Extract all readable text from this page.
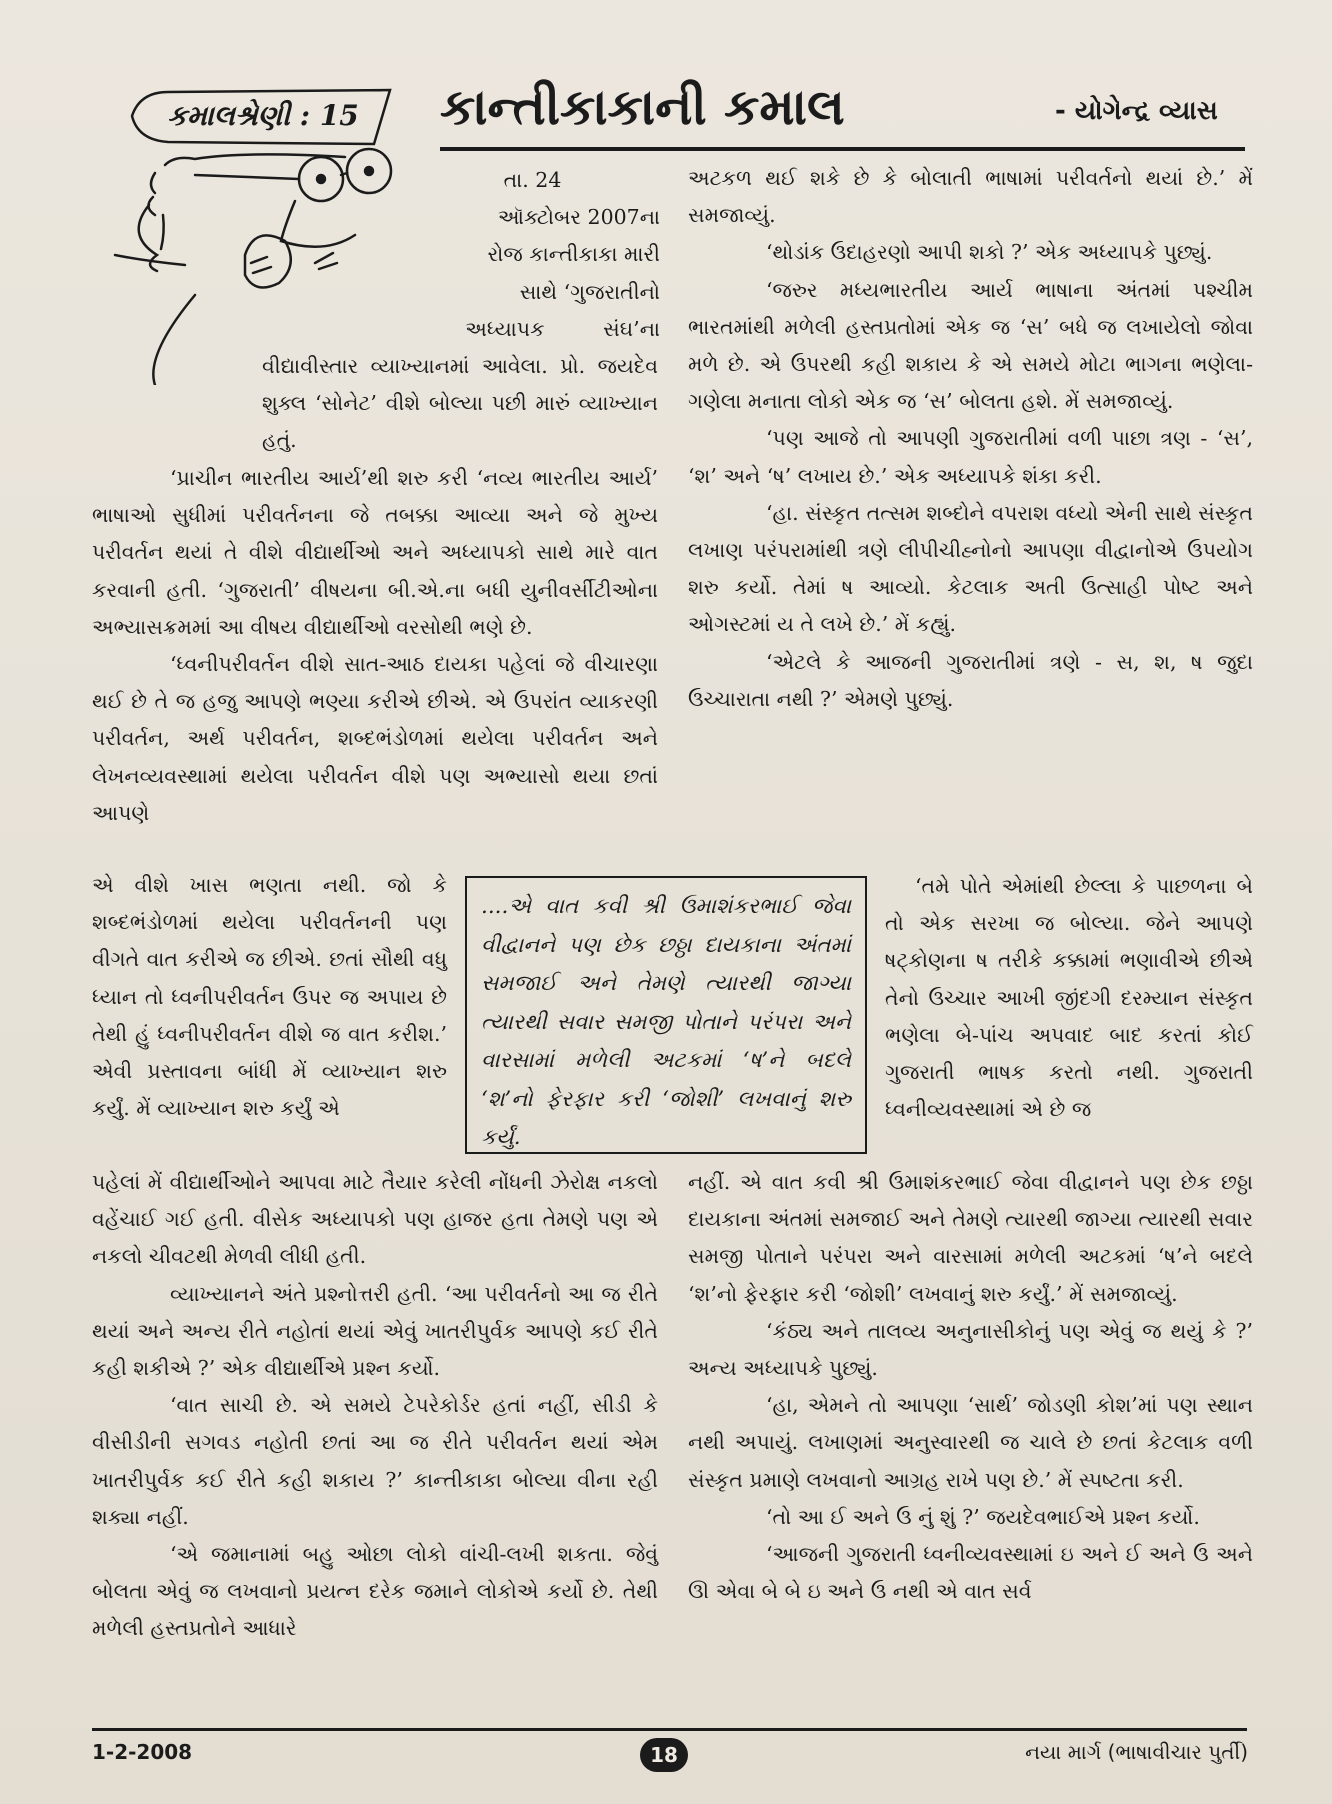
કમાલશ્રેણી : 15	કાન્તીકાકાની કમાલ	- યોગેન્દ્ર વ્યાસ

તા. 24

ઑક્ટોબર 2007ના

રોજ કાન્તીકાકા મારી

સાથે ‘ગુજરાતીનો

અધ્યાપક         સંઘ’ના

વીદ્યાવીસ્તાર વ્યાખ્યાનમાં આવેલા. પ્રો. જયદેવ શુક્લ ‘સોનેટ’ વીશે બોલ્યા પછી મારું વ્યાખ્યાન હતું.

‘પ્રાચીન ભારતીય આર્ય’થી શરુ કરી ‘નવ્ય ભારતીય આર્ય’ ભાષાઓ સુધીમાં પરીવર્તનના જે તબક્કા આવ્યા અને જે મુખ્ય પરીવર્તન થયાં તે વીશે વીદ્યાર્થીઓ અને અધ્યાપકો સાથે મારે વાત કરવાની હતી. ‘ગુજરાતી’ વીષયના બી.એ.ના બધી યુનીવર્સીટીઓના અભ્યાસક્રમમાં આ વીષય વીદ્યાર્થીઓ વરસોથી ભણે છે.

‘ધ્વનીપરીવર્તન વીશે સાત-આઠ દાયકા પહેલાં જે વીચારણા થઈ છે તે જ હજુ આપણે ભણ્યા કરીએ છીએ. એ ઉપરાંત વ્યાકરણી પરીવર્તન, અર્થ પરીવર્તન, શબ્દભંડોળમાં થયેલા પરીવર્તન અને લેખનવ્યવસ્થામાં થયેલા પરીવર્તન વીશે પણ અભ્યાસો થયા છતાં આપણે

એ વીશે ખાસ ભણતા નથી. જો કે શબ્દભંડોળમાં થયેલા પરીવર્તનની પણ વીગતે વાત કરીએ જ છીએ. છતાં સૌથી વધુ ધ્યાન તો ધ્વનીપરીવર્તન ઉપર જ અપાય છે તેથી હું ધ્વનીપરીવર્તન વીશે જ વાત કરીશ.’ એવી પ્રસ્તાવના બાંધી મેં વ્યાખ્યાન શરુ કર્યું. મેં વ્યાખ્યાન શરુ કર્યું એ

....એ વાત કવી શ્રી ઉમાશંકરભાઈ જેવા વીદ્વાનને પણ છેક છઠ્ઠા દાયકાના અંતમાં સમજાઈ અને તેમણે ત્યારથી જાગ્યા ત્યારથી સવાર સમજી પોતાને પરંપરા અને વારસામાં મળેલી અટકમાં ‘ષ’ને બદલે ‘શ’નો ફેરફાર કરી ‘જોશી’ લખવાનું શરુ કર્યું.

પહેલાં મેં વીદ્યાર્થીઓને આપવા માટે તૈયાર કરેલી નોંધની ઝેરોક્ષ નકલો વહેંચાઈ ગઈ હતી. વીસેક અધ્યાપકો પણ હાજર હતા તેમણે પણ એ નકલો ચીવટથી મેળવી લીધી હતી.

વ્યાખ્યાનને અંતે પ્રશ્નોત્તરી હતી. ‘આ પરીવર્તનો આ જ રીતે થયાં અને અન્ય રીતે નહોતાં થયાં એવું ખાતરીપુર્વક આપણે કઈ રીતે કહી શકીએ ?’ એક વીદ્યાર્થીએ પ્રશ્ન કર્યો.

‘વાત સાચી છે. એ સમયે ટેપરેકોર્ડર હતાં નહીં, સીડી કે વીસીડીની સગવડ નહોતી છતાં આ જ રીતે પરીવર્તન થયાં એમ ખાતરીપુર્વક કઈ રીતે કહી શકાય ?’ કાન્તીકાકા બોલ્યા વીના રહી શક્યા નહીં.

‘એ જમાનામાં બહુ ઓછા લોકો વાંચી-લખી શકતા. જેવું બોલતા એવું જ લખવાનો પ્રયત્ન દરેક જમાને લોકોએ કર્યો છે. તેથી મળેલી હસ્તપ્રતોને આધારે

અટકળ થઈ શકે છે કે બોલાતી ભાષામાં પરીવર્તનો થયાં છે.’ મેં સમજાવ્યું.

‘થોડાંક ઉદાહરણો આપી શકો ?’ એક અધ્યાપકે પુછ્યું.

‘જરુર મધ્યભારતીય આર્ય ભાષાના અંતમાં પશ્ચીમ ભારતમાંથી મળેલી હસ્તપ્રતોમાં એક જ ‘સ’ બધે જ લખાયેલો જોવા મળે છે. એ ઉપરથી કહી શકાય કે એ સમયે મોટા ભાગના ભણેલા-ગણેલા મનાતા લોકો એક જ ‘સ’ બોલતા હશે. મેં સમજાવ્યું.

‘પણ આજે તો આપણી ગુજરાતીમાં વળી પાછા ત્રણ - ‘સ’, ‘શ’ અને ‘ષ’ લખાય છે.’ એક અધ્યાપકે શંકા કરી.

‘હા. સંસ્કૃત તત્સમ શબ્દોને વપરાશ વધ્યો એની સાથે સંસ્કૃત લખાણ પરંપરામાંથી ત્રણે લીપીચીહ્નોનો આપણા વીદ્વાનોએ ઉપયોગ શરુ કર્યો. તેમાં ષ આવ્યો. કેટલાક અતી ઉત્સાહી પોષ્ટ અને ઓગસ્ટમાં ય તે લખે છે.’ મેં કહ્યું.

‘એટલે કે આજની ગુજરાતીમાં ત્રણે - સ, શ, ષ જુદા ઉચ્ચારાતા નથી ?’ એમણે પુછ્યું.

‘તમે પોતે એમાંથી છેલ્લા કે પાછળના બે તો એક સરખા જ બોલ્યા. જેને આપણે ષટ્કોણના ષ તરીકે કક્કામાં ભણાવીએ છીએ તેનો ઉચ્ચાર આખી જીંદગી દરમ્યાન સંસ્કૃત ભણેલા બે-પાંચ અપવાદ બાદ કરતાં કોઈ ગુજરાતી ભાષક કરતો નથી. ગુજરાતી ધ્વનીવ્યવસ્થામાં એ છે જ

નહીં. એ વાત કવી શ્રી ઉમાશંકરભાઈ જેવા વીદ્વાનને પણ છેક છઠ્ઠા દાયકાના અંતમાં સમજાઈ અને તેમણે ત્યારથી જાગ્યા ત્યારથી સવાર સમજી પોતાને પરંપરા અને વારસામાં મળેલી અટકમાં ‘ષ’ને બદલે ‘શ’નો ફેરફાર કરી ‘જોશી’ લખવાનું શરુ કર્યું.’ મેં સમજાવ્યું.

‘કંઠ્ય અને તાલવ્ય અનુનાસીકોનું પણ એવું જ થયું કે ?’ અન્ય અધ્યાપકે પુછ્યું.

‘હા, એમને તો આપણા ‘સાર્થ’ જોડણી કોશ’માં પણ સ્થાન નથી અપાયું. લખાણમાં અનુસ્વારથી જ ચાલે છે છતાં કેટલાક વળી સંસ્કૃત પ્રમાણે લખવાનો આગ્રહ રાખે પણ છે.’ મેં સ્પષ્ટતા કરી.

‘તો આ ઈ અને ઉ નું શું ?’ જયદેવભાઈએ પ્રશ્ન કર્યો.

‘આજની ગુજરાતી ધ્વનીવ્યવસ્થામાં ઇ અને ઈ અને ઉ અને ઊ એવા બે બે ઇ અને ઉ નથી એ વાત સર્વ

1-2-2008	18	નયા માર્ગ (ભાષાવીચાર પુર્તી)
